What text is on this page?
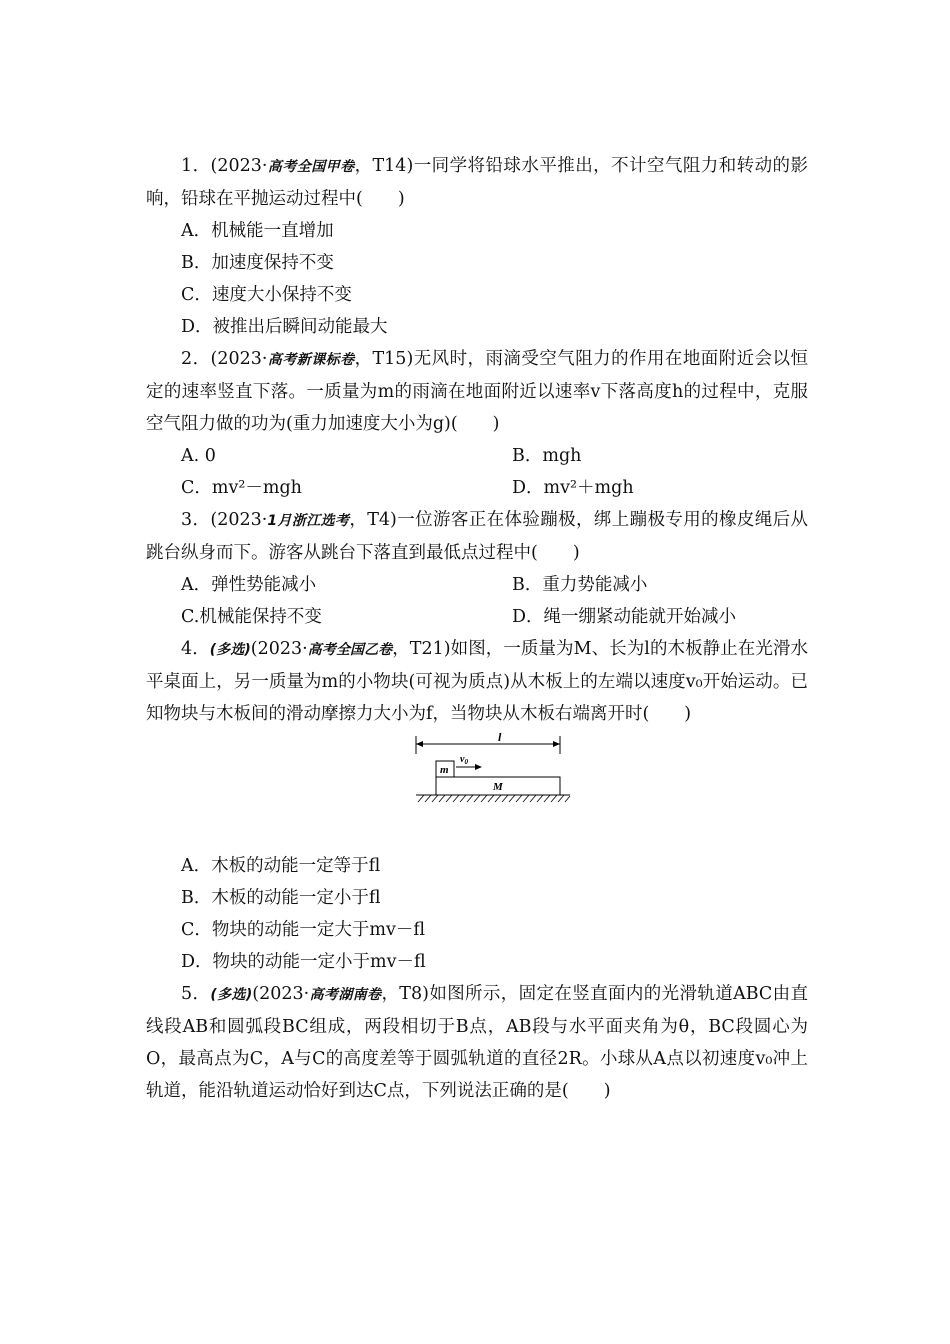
1．(2023·高考全国甲卷，T14)一同学将铅球水平推出，不计空气阻力和转动的影响，铅球在平抛运动过程中(　　)

A．机械能一直增加

B．加速度保持不变

C．速度大小保持不变

D．被推出后瞬间动能最大

2．(2023·高考新课标卷，T15)无风时，雨滴受空气阻力的作用在地面附近会以恒定的速率竖直下落。一质量为m的雨滴在地面附近以速率v下落高度h的过程中，克服空气阻力做的功为(重力加速度大小为g)(　　)

A. 0	B．mgh

C．mv²－mgh	D．mv²＋mgh

3．(2023·1月浙江选考，T4)一位游客正在体验蹦极，绑上蹦极专用的橡皮绳后从跳台纵身而下。游客从跳台下落直到最低点过程中(　　)

A．弹性势能减小	B．重力势能减小

C.机械能保持不变	D．绳一绷紧动能就开始减小

4．(多选)(2023·高考全国乙卷，T21)如图，一质量为M、长为l的木板静止在光滑水平桌面上，另一质量为m的小物块(可视为质点)从木板上的左端以速度v₀开始运动。已知物块与木板间的滑动摩擦力大小为f，当物块从木板右端离开时(　　)

l
m
$v_0$
M

A．木板的动能一定等于fl

B．木板的动能一定小于fl

C．物块的动能一定大于mv－fl

D．物块的动能一定小于mv－fl

5．(多选)(2023·高考湖南卷，T8)如图所示，固定在竖直面内的光滑轨道ABC由直线段AB和圆弧段BC组成，两段相切于B点，AB段与水平面夹角为θ，BC段圆心为O，最高点为C，A与C的高度差等于圆弧轨道的直径2R。小球从A点以初速度v₀冲上轨道，能沿轨道运动恰好到达C点，下列说法正确的是(　　)
